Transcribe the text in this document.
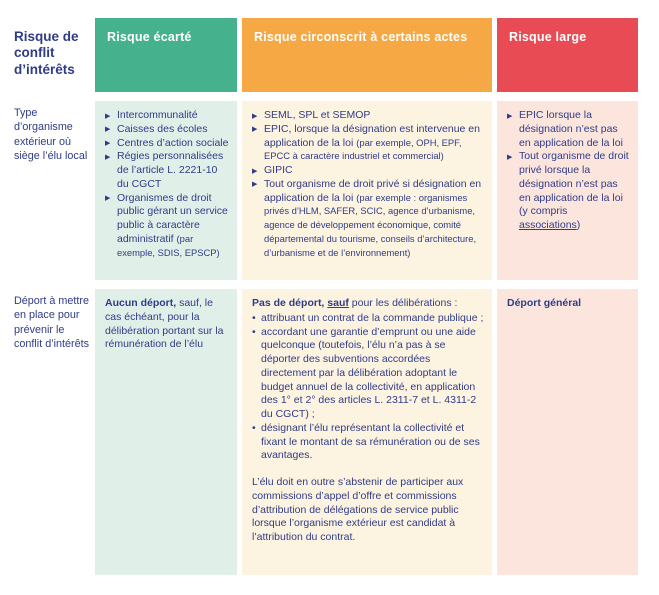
Risque de conflit d’intérêts
Risque écarté	Risque circonscrit à certains actes	Risque large
Type d’organisme extérieur où siège l’élu local
▶ Intercommunalité
▶ Caisses des écoles
▶ Centres d’action sociale
▶ Régies personnalisées de l’article L. 2221-10 du CGCT
▶ Organismes de droit public gérant un service public à caractère administratif (par exemple, SDIS, EPSCP)
▶ SEML, SPL et SEMOP
▶ EPIC, lorsque la désignation est intervenue en application de la loi (par exemple, OPH, EPF, EPCC à caractère industriel et commercial)
▶ GIPIC
▶ Tout organisme de droit privé si désignation en application de la loi (par exemple : organismes privés d’HLM, SAFER, SCIC, agence d’urbanisme, agence de développement économique, comité départemental du tourisme, conseils d’architecture, d’urbanisme et de l’environnement)
▶ EPIC lorsque la désignation n’est pas en application de la loi
▶ Tout organisme de droit privé lorsque la désignation n’est pas en application de la loi (y compris associations)
Déport à mettre en place pour prévenir le conflit d’intérêts

Aucun déport, sauf, le cas échéant, pour la délibération portant sur la rémunération de l’élu

Pas de déport, sauf pour les délibérations :

• attribuant un contrat de la commande publique ;
• accordant une garantie d’emprunt ou une aide quelconque (toutefois, l’élu n’a pas à se déporter des subventions accordées directement par la délibération adoptant le budget annuel de la collectivité, en application des 1° et 2° des articles L. 2311-7 et L. 4311-2 du CGCT) ;
• désignant l’élu représentant la collectivité et fixant le montant de sa rémunération ou de ses avantages.

L’élu doit en outre s’abstenir de participer aux commissions d’appel d’offre et commissions d’attribution de délégations de service public lorsque l’organisme extérieur est candidat à l’attribution du contrat.

Déport général
